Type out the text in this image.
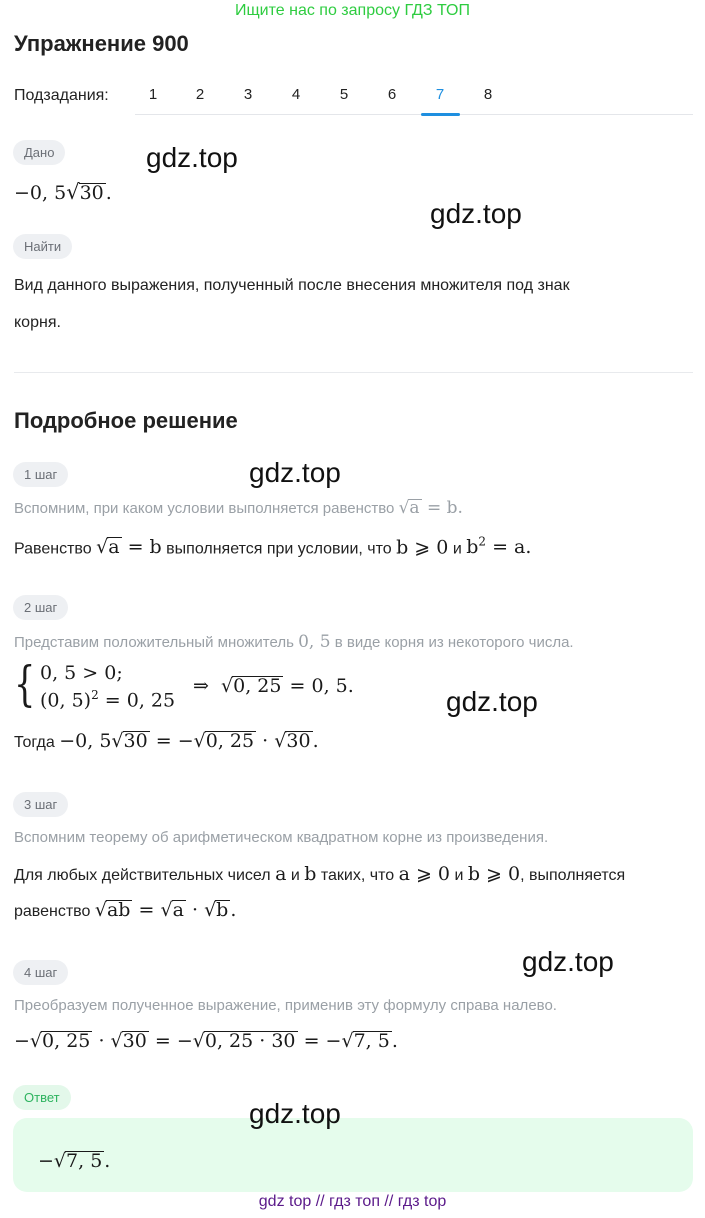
Ищите нас по запросу ГДЗ ТОП
Упражнение 900
Подзадания:	1	2	3	4	5	6	7	8
Дано
−0, 5√30 .
Найти
Вид данного выражения, полученный после внесения множителя под знак
корня.
Подробное решение
1 шаг
Вспомним, при каком условии выполняется равенство √a = b.
Равенство √a = b выполняется при условии, что b ⩾ 0 и $b^2 = a$.
2 шаг
Представим положительный множитель 0, 5 в виде корня из некоторого числа.
{ 0, 5 > 0;
(0, 5)$^2$ = 0, 25
⇒ √0, 25 = 0, 5.
Тогда −0, 5√30 = −√0, 25 · √30 .
3 шаг
Вспомним теорему об арифметическом квадратном корне из произведения.
Для любых действительных чисел a и b таких, что a ⩾ 0 и b ⩾ 0, выполняется
равенство √ab = √a · √b .
4 шаг
Преобразуем полученное выражение, применив эту формулу справа налево.
−√0, 25 · √30 = −√0, 25 · 30 = −√7, 5 .
Ответ
−√7, 5 .
gdz.top
gdz.top
gdz.top
gdz.top
gdz.top
gdz.top
gdz top // гдз топ // гдз top
